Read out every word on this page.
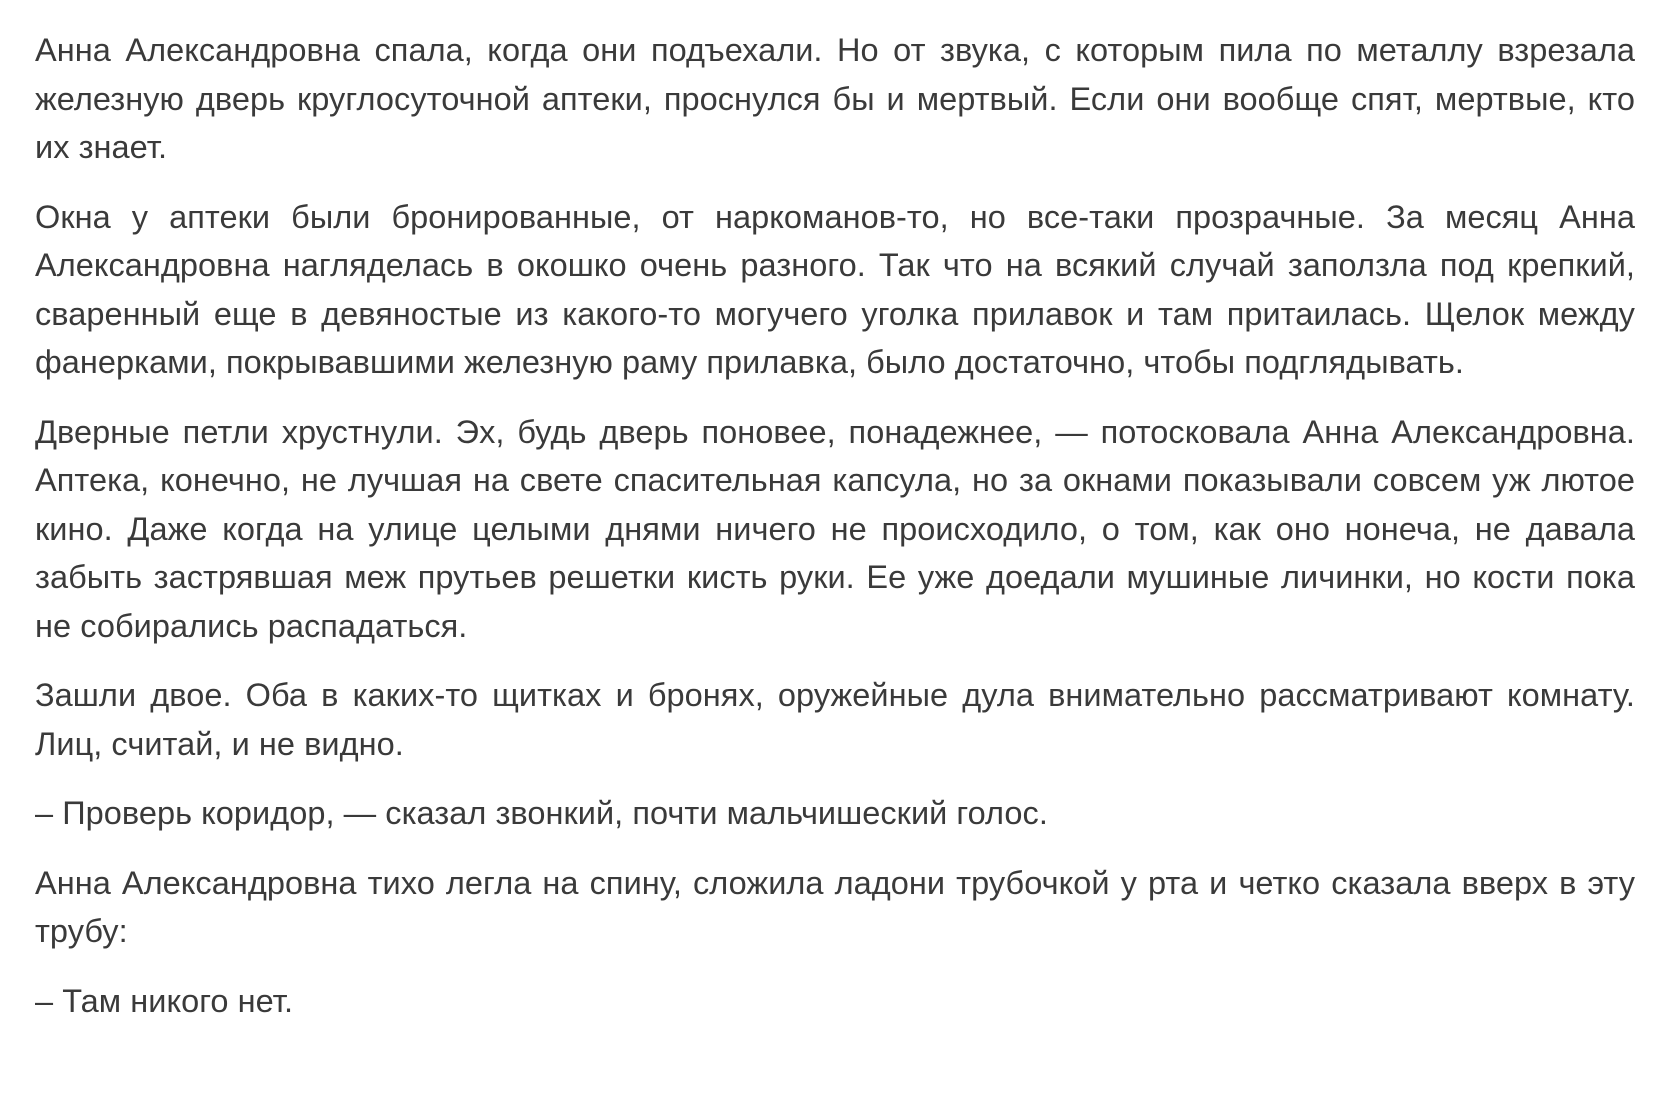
Анна Александровна спала, когда они подъехали. Но от звука, с которым пила по металлу взрезала железную дверь круглосуточной аптеки, проснулся бы и мертвый. Если они вообще спят, мертвые, кто их знает.

Окна у аптеки были бронированные, от наркоманов-то, но все-таки прозрачные. За месяц Анна Александровна нагляделась в окошко очень разного. Так что на всякий случай заползла под крепкий, сваренный еще в девяностые из какого-то могучего уголка прилавок и там притаилась. Щелок между фанерками, покрывавшими железную раму прилавка, было достаточно, чтобы подглядывать.

Дверные петли хрустнули. Эх, будь дверь поновее, понадежнее, — потосковала Анна Александровна. Аптека, конечно, не лучшая на свете спасительная капсула, но за окнами показывали совсем уж лютое кино. Даже когда на улице целыми днями ничего не происходило, о том, как оно нонеча, не давала забыть застрявшая меж прутьев решетки кисть руки. Ее уже доедали мушиные личинки, но кости пока не собирались распадаться.

Зашли двое. Оба в каких-то щитках и бронях, оружейные дула внимательно рассматривают комнату. Лиц, считай, и не видно.

– Проверь коридор, — сказал звонкий, почти мальчишеский голос.

Анна Александровна тихо легла на спину, сложила ладони трубочкой у рта и четко сказала вверх в эту трубу:

– Там никого нет.
